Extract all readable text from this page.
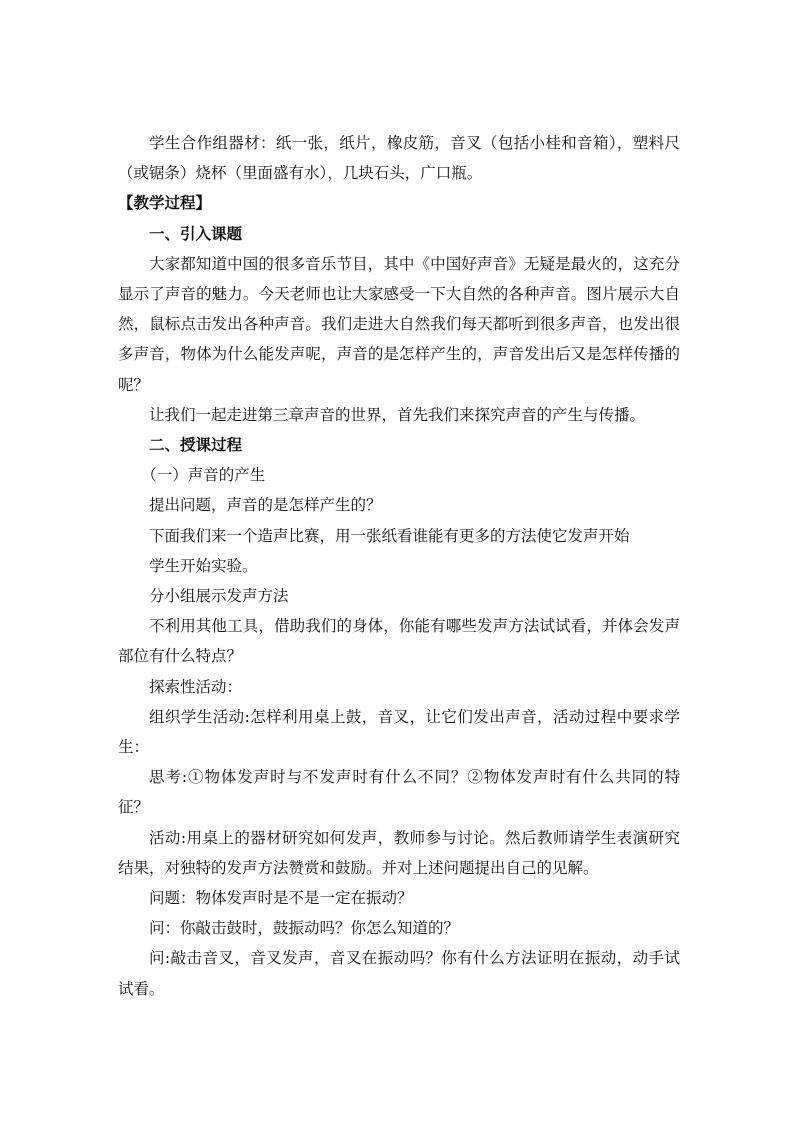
学生合作组器材：纸一张，纸片，橡皮筋，音叉（包括小桂和音箱），塑料尺（或锯条）烧杯（里面盛有水），几块石头，广口瓶。

【教学过程】

一、引入课题

大家都知道中国的很多音乐节目，其中《中国好声音》无疑是最火的，这充分显示了声音的魅力。今天老师也让大家感受一下大自然的各种声音。图片展示大自然，鼠标点击发出各种声音。我们走进大自然我们每天都听到很多声音，也发出很多声音，物体为什么能发声呢，声音的是怎样产生的，声音发出后又是怎样传播的呢？

让我们一起走进第三章声音的世界，首先我们来探究声音的产生与传播。

二、授课过程

（一）声音的产生

提出问题，声音的是怎样产生的？

下面我们来一个造声比赛，用一张纸看谁能有更多的方法使它发声开始

学生开始实验。

分小组展示发声方法

不利用其他工具，借助我们的身体，你能有哪些发声方法试试看，并体会发声部位有什么特点？

探索性活动：

组织学生活动:怎样利用桌上鼓，音叉，让它们发出声音，活动过程中要求学生：

思考:①物体发声时与不发声时有什么不同？②物体发声时有什么共同的特征？

活动:用桌上的器材研究如何发声，教师参与讨论。然后教师请学生表演研究结果，对独特的发声方法赞赏和鼓励。并对上述问题提出自己的见解。

问题：物体发声时是不是一定在振动？

问：你敲击鼓时，鼓振动吗？你怎么知道的？

问:敲击音叉，音叉发声，音叉在振动吗？你有什么方法证明在振动，动手试试看。
